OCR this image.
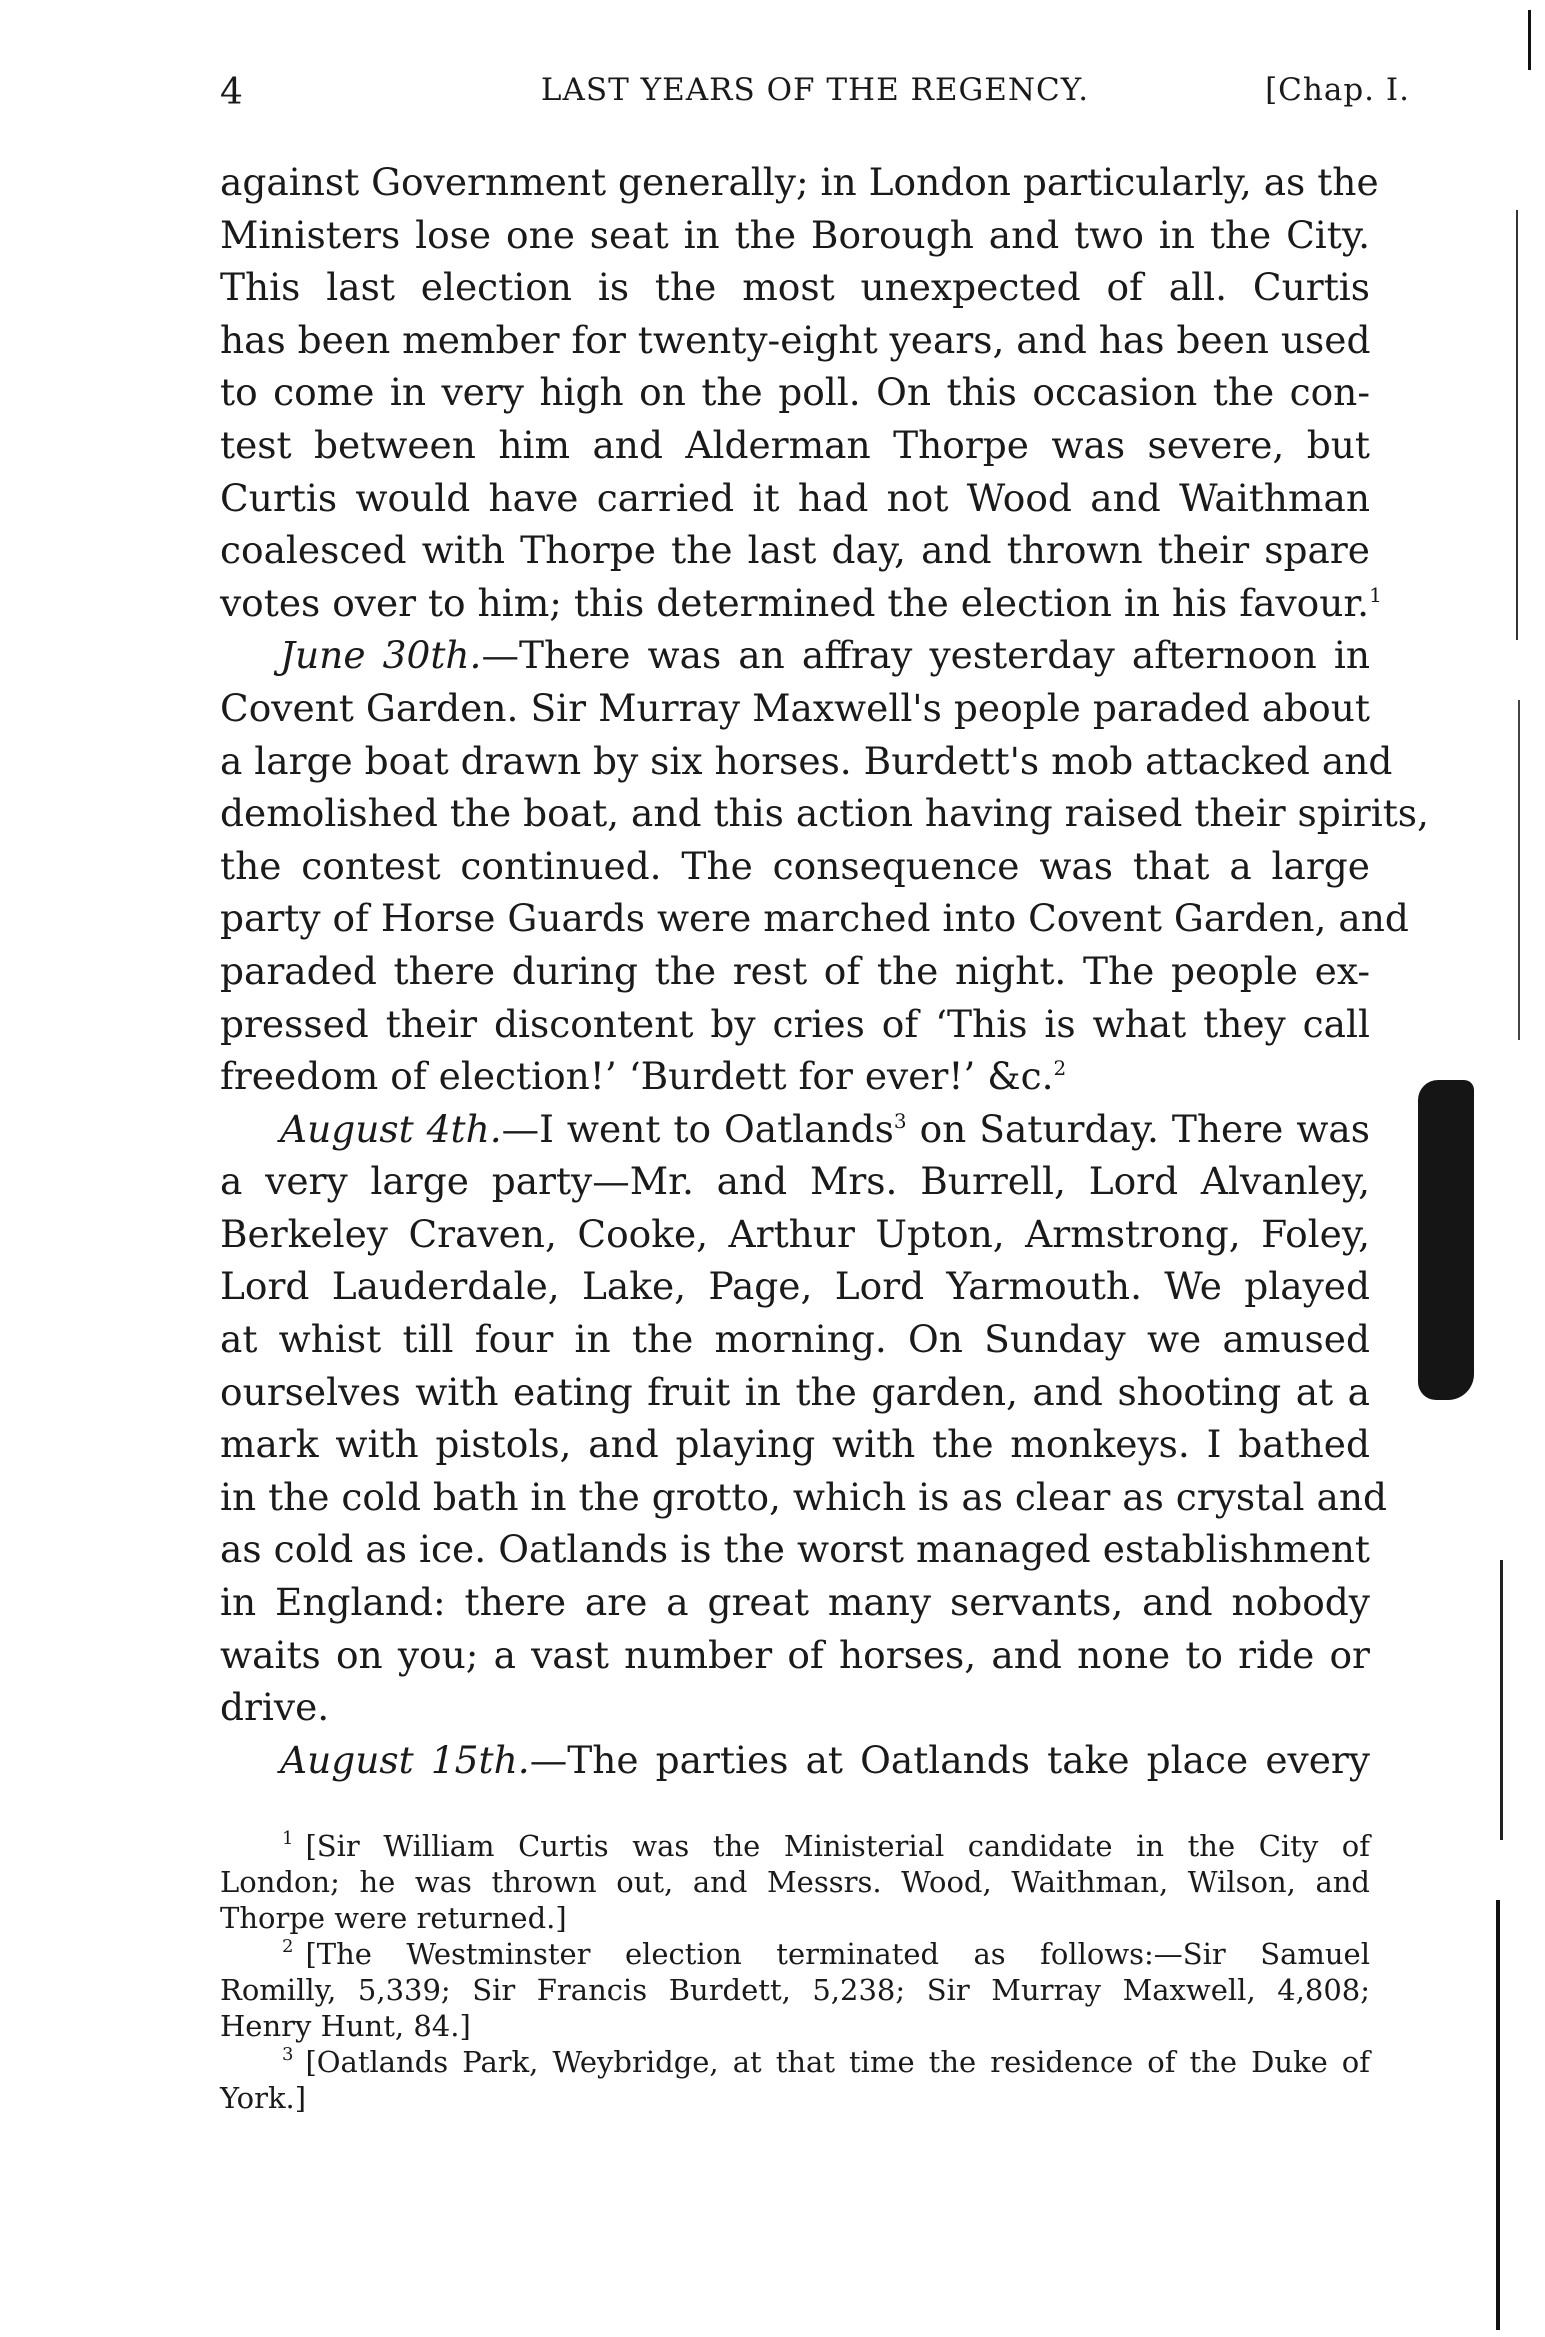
4	LAST YEARS OF THE REGENCY.	[Chap. I.
against Government generally; in London particularly, as the
Ministers lose one seat in the Borough and two in the City.
This last election is the most unexpected of all. Curtis
has been member for twenty-eight years, and has been used
to come in very high on the poll. On this occasion the con-
test between him and Alderman Thorpe was severe, but
Curtis would have carried it had not Wood and Waithman
coalesced with Thorpe the last day, and thrown their spare
votes over to him; this determined the election in his favour.$^1$
June 30th.—There was an affray yesterday afternoon in
Covent Garden. Sir Murray Maxwell's people paraded about
a large boat drawn by six horses. Burdett's mob attacked and
demolished the boat, and this action having raised their spirits,
the contest continued. The consequence was that a large
party of Horse Guards were marched into Covent Garden, and
paraded there during the rest of the night. The people ex-
pressed their discontent by cries of ‘This is what they call
freedom of election!’ ‘Burdett for ever!’ &c.$^2$
August 4th.—I went to Oatlands$^3$ on Saturday. There was
a very large party—Mr. and Mrs. Burrell, Lord Alvanley,
Berkeley Craven, Cooke, Arthur Upton, Armstrong, Foley,
Lord Lauderdale, Lake, Page, Lord Yarmouth. We played
at whist till four in the morning. On Sunday we amused
ourselves with eating fruit in the garden, and shooting at a
mark with pistols, and playing with the monkeys. I bathed
in the cold bath in the grotto, which is as clear as crystal and
as cold as ice. Oatlands is the worst managed establishment
in England: there are a great many servants, and nobody
waits on you; a vast number of horses, and none to ride or
drive.
August 15th.—The parties at Oatlands take place every
$^1$ [Sir William Curtis was the Ministerial candidate in the City of
London; he was thrown out, and Messrs. Wood, Waithman, Wilson, and
Thorpe were returned.]
$^2$ [The Westminster election terminated as follows:—Sir Samuel
Romilly, 5,339; Sir Francis Burdett, 5,238; Sir Murray Maxwell, 4,808;
Henry Hunt, 84.]
$^3$ [Oatlands Park, Weybridge, at that time the residence of the Duke of
York.]
